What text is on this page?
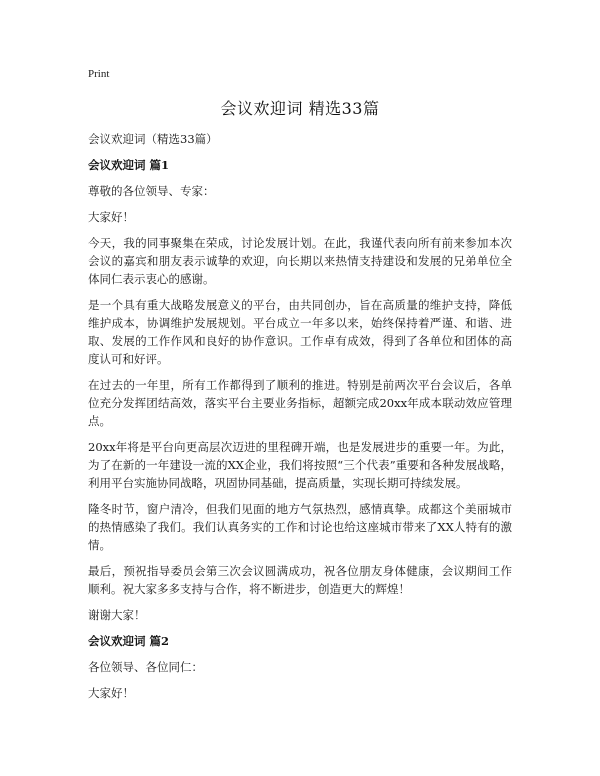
Print
会议欢迎词 精选33篇

会议欢迎词（精选33篇）

会议欢迎词 篇1

尊敬的各位领导、专家：

大家好！

今天，我的同事聚集在荣成，讨论发展计划。在此，我谨代表向所有前来参加本次会议的嘉宾和朋友表示诚挚的欢迎，向长期以来热情支持建设和发展的兄弟单位全体同仁表示衷心的感谢。

是一个具有重大战略发展意义的平台，由共同创办，旨在高质量的维护支持，降低维护成本，协调维护发展规划。平台成立一年多以来，始终保持着严谨、和谐、进取、发展的工作作风和良好的协作意识。工作卓有成效，得到了各单位和团体的高度认可和好评。

在过去的一年里，所有工作都得到了顺利的推进。特别是前两次平台会议后，各单位充分发挥团结高效，落实平台主要业务指标，超额完成20xx年成本联动效应管理点。

20xx年将是平台向更高层次迈进的里程碑开端，也是发展进步的重要一年。为此，为了在新的一年建设一流的XX企业，我们将按照“三个代表”重要和各种发展战略，利用平台实施协同战略，巩固协同基础，提高质量，实现长期可持续发展。

隆冬时节，窗户清冷，但我们见面的地方气氛热烈，感情真挚。成都这个美丽城市的热情感染了我们。我们认真务实的工作和讨论也给这座城市带来了XX人特有的激情。

最后，预祝指导委员会第三次会议圆满成功，祝各位朋友身体健康，会议期间工作顺利。祝大家多多支持与合作，将不断进步，创造更大的辉煌！

谢谢大家！

会议欢迎词 篇2

各位领导、各位同仁：

大家好！
